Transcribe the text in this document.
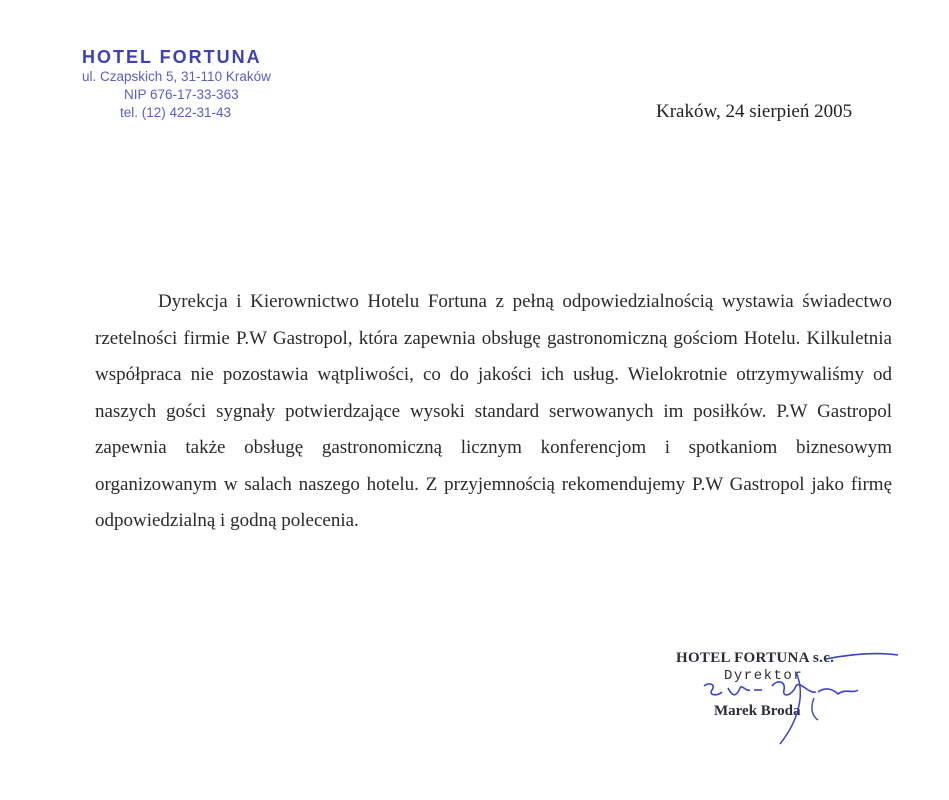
HOTEL FORTUNA
ul. Czapskich 5, 31-110 Kraków
NIP 676-17-33-363
tel. (12) 422-31-43	Kraków, 24 sierpień 2005

Dyrekcja i Kierownictwo Hotelu Fortuna z pełną odpowiedzialnością wystawia świadectwo rzetelności firmie P.W Gastropol, która zapewnia obsługę gastronomiczną gościom Hotelu. Kilkuletnia współpraca nie pozostawia wątpliwości, co do jakości ich usług. Wielokrotnie otrzymywaliśmy od naszych gości sygnały potwierdzające wysoki standard serwowanych im posiłków. P.W Gastropol zapewnia także obsługę gastronomiczną licznym konferencjom i spotkaniom biznesowym organizowanym w salach naszego hotelu. Z przyjemnością rekomendujemy P.W Gastropol jako firmę odpowiedzialną i godną polecenia.

HOTEL FORTUNA s.c.
Dyrektor
Marek Broda
